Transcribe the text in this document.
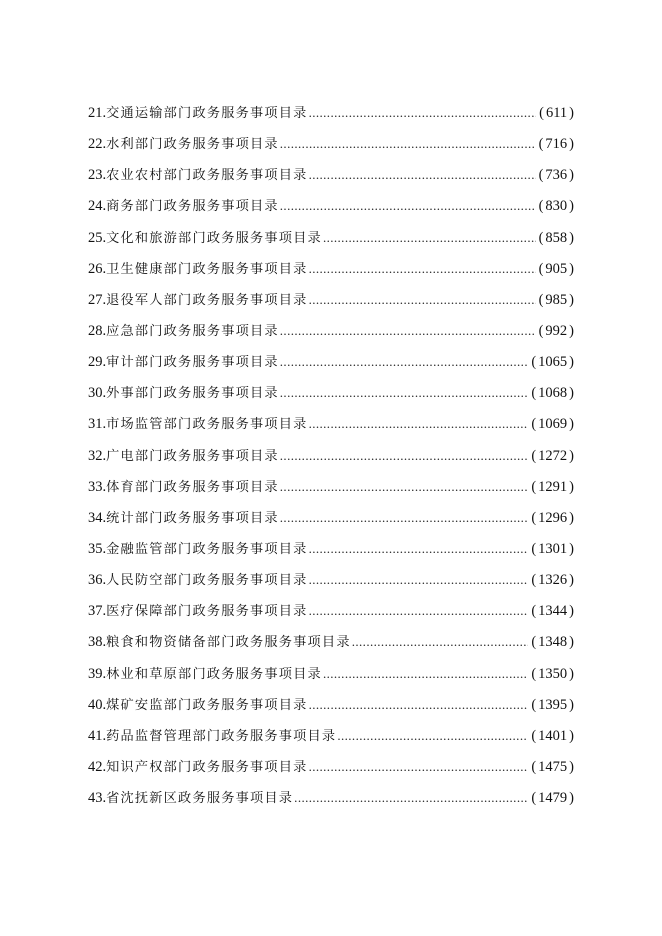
21. 交通运输部门政务服务事项目录 .....	( 611 )
22. 水利部门政务服务事项目录 .....	( 716 )
23. 农业农村部门政务服务事项目录 .....	( 736 )
24. 商务部门政务服务事项目录 .....	( 830 )
25. 文化和旅游部门政务服务事项目录 .....	( 858 )
26. 卫生健康部门政务服务事项目录 .....	( 905 )
27. 退役军人部门政务服务事项目录 .....	( 985 )
28. 应急部门政务服务事项目录 .....	( 992 )
29. 审计部门政务服务事项目录 .....	( 1065 )
30. 外事部门政务服务事项目录 .....	( 1068 )
31. 市场监管部门政务服务事项目录 .....	( 1069 )
32. 广电部门政务服务事项目录 .....	( 1272 )
33. 体育部门政务服务事项目录 .....	( 1291 )
34. 统计部门政务服务事项目录 .....	( 1296 )
35. 金融监管部门政务服务事项目录 .....	( 1301 )
36. 人民防空部门政务服务事项目录 .....	( 1326 )
37. 医疗保障部门政务服务事项目录 .....	( 1344 )
38. 粮食和物资储备部门政务服务事项目录 .....	( 1348 )
39. 林业和草原部门政务服务事项目录 .....	( 1350 )
40. 煤矿安监部门政务服务事项目录 .....	( 1395 )
41. 药品监督管理部门政务服务事项目录 .....	( 1401 )
42. 知识产权部门政务服务事项目录 .....	( 1475 )
43. 省沈抚新区政务服务事项目录 .....	( 1479 )
